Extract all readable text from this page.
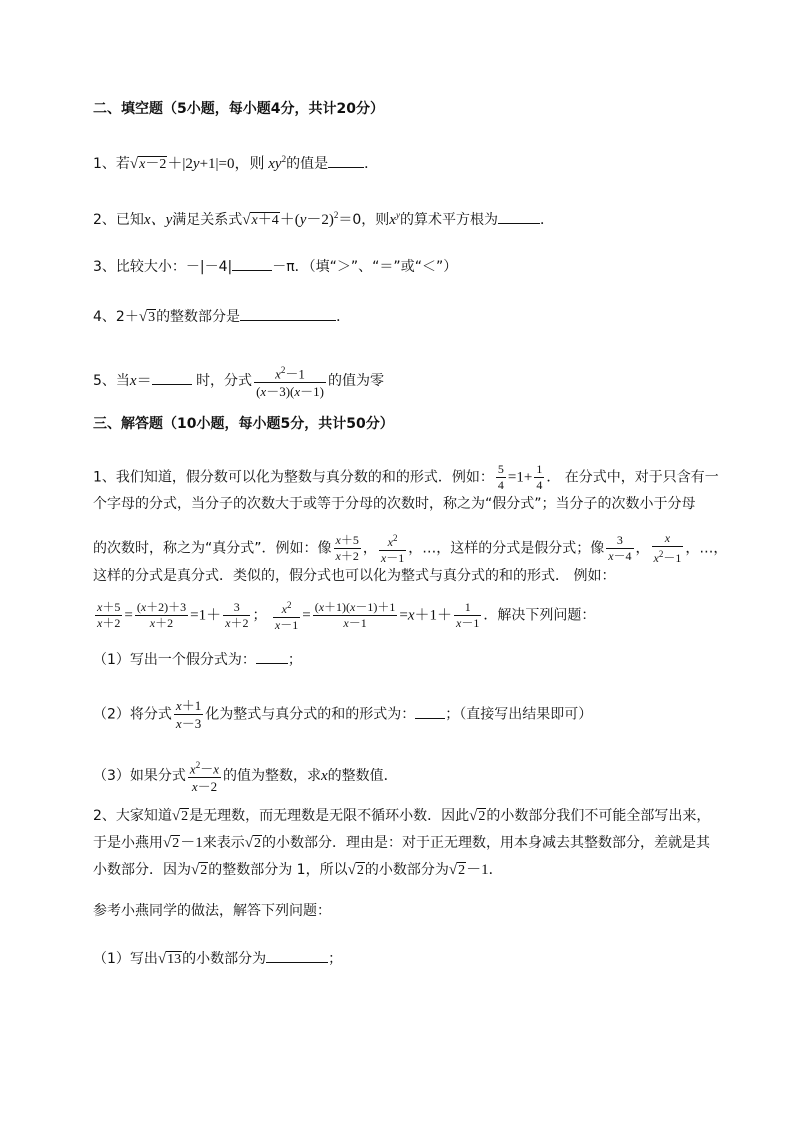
二、填空题（5小题，每小题4分，共计20分）
1、若√x－2＋|2y+1|=0，则 $xy^2$的值是	．
2、已知x、y满足关系式$√x+4+(y-2)^2=0$，则$x^y$的算术平方根为	．
3、比较大小：－|－4|	－π．（填“＞”、“＝”或“＜”）
4、2＋√3的整数部分是	．
5、当x＝	时，分式 $\frac{x^2-1}{(x-3)(x-1)}$ 的值为零
三、解答题（10小题，每小题5分，共计50分）
1、我们知道，假分数可以化为整数与真分数的和的形式．例如： $\frac{5}{4} =1+ \frac{1}{4}$ ． 在分式中，对于只含有一
个字母的分式，当分子的次数大于或等于分母的次数时，称之为“假分式”；当分子的次数小于分母
的次数时，称之为“真分式”．例如：像 $\frac{x+5}{x+2}$ ， $\frac{x^2}{x-1}$ ，…，这样的分式是假分式；像 $\frac{3}{x-4}$ ， $\frac{x}{x^2-1}$ ，…，
这样的分式是真分式．类似的，假分式也可以化为整式与真分式的和的形式． 例如：
$\frac{x+5}{x+2} = \frac{(x+2)+3}{x+2} =1+ \frac{3}{x+2}$ ； $\frac{x^2}{x-1} = \frac{(x+1)(x-1)+1}{x-1} =x+1+ \frac{1}{x-1}$ ．解决下列问题：
（1）写出一个假分式为： ；
（2）将分式 $\frac{x+1}{x-3}$ 化为整式与真分式的和的形式为： ；（直接写出结果即可）
（3）如果分式 $\frac{x^2-x}{x-2}$ 的值为整数，求x的整数值．
2、大家知道√2是无理数，而无理数是无限不循环小数．因此√2的小数部分我们不可能全部写出来，
于是小燕用√2－1来表示√2的小数部分．理由是：对于正无理数，用本身减去其整数部分，差就是其
小数部分．因为√2的整数部分为 1，所以√2的小数部分为√2－1．
参考小燕同学的做法，解答下列问题：
（1）写出√13的小数部分为	；
